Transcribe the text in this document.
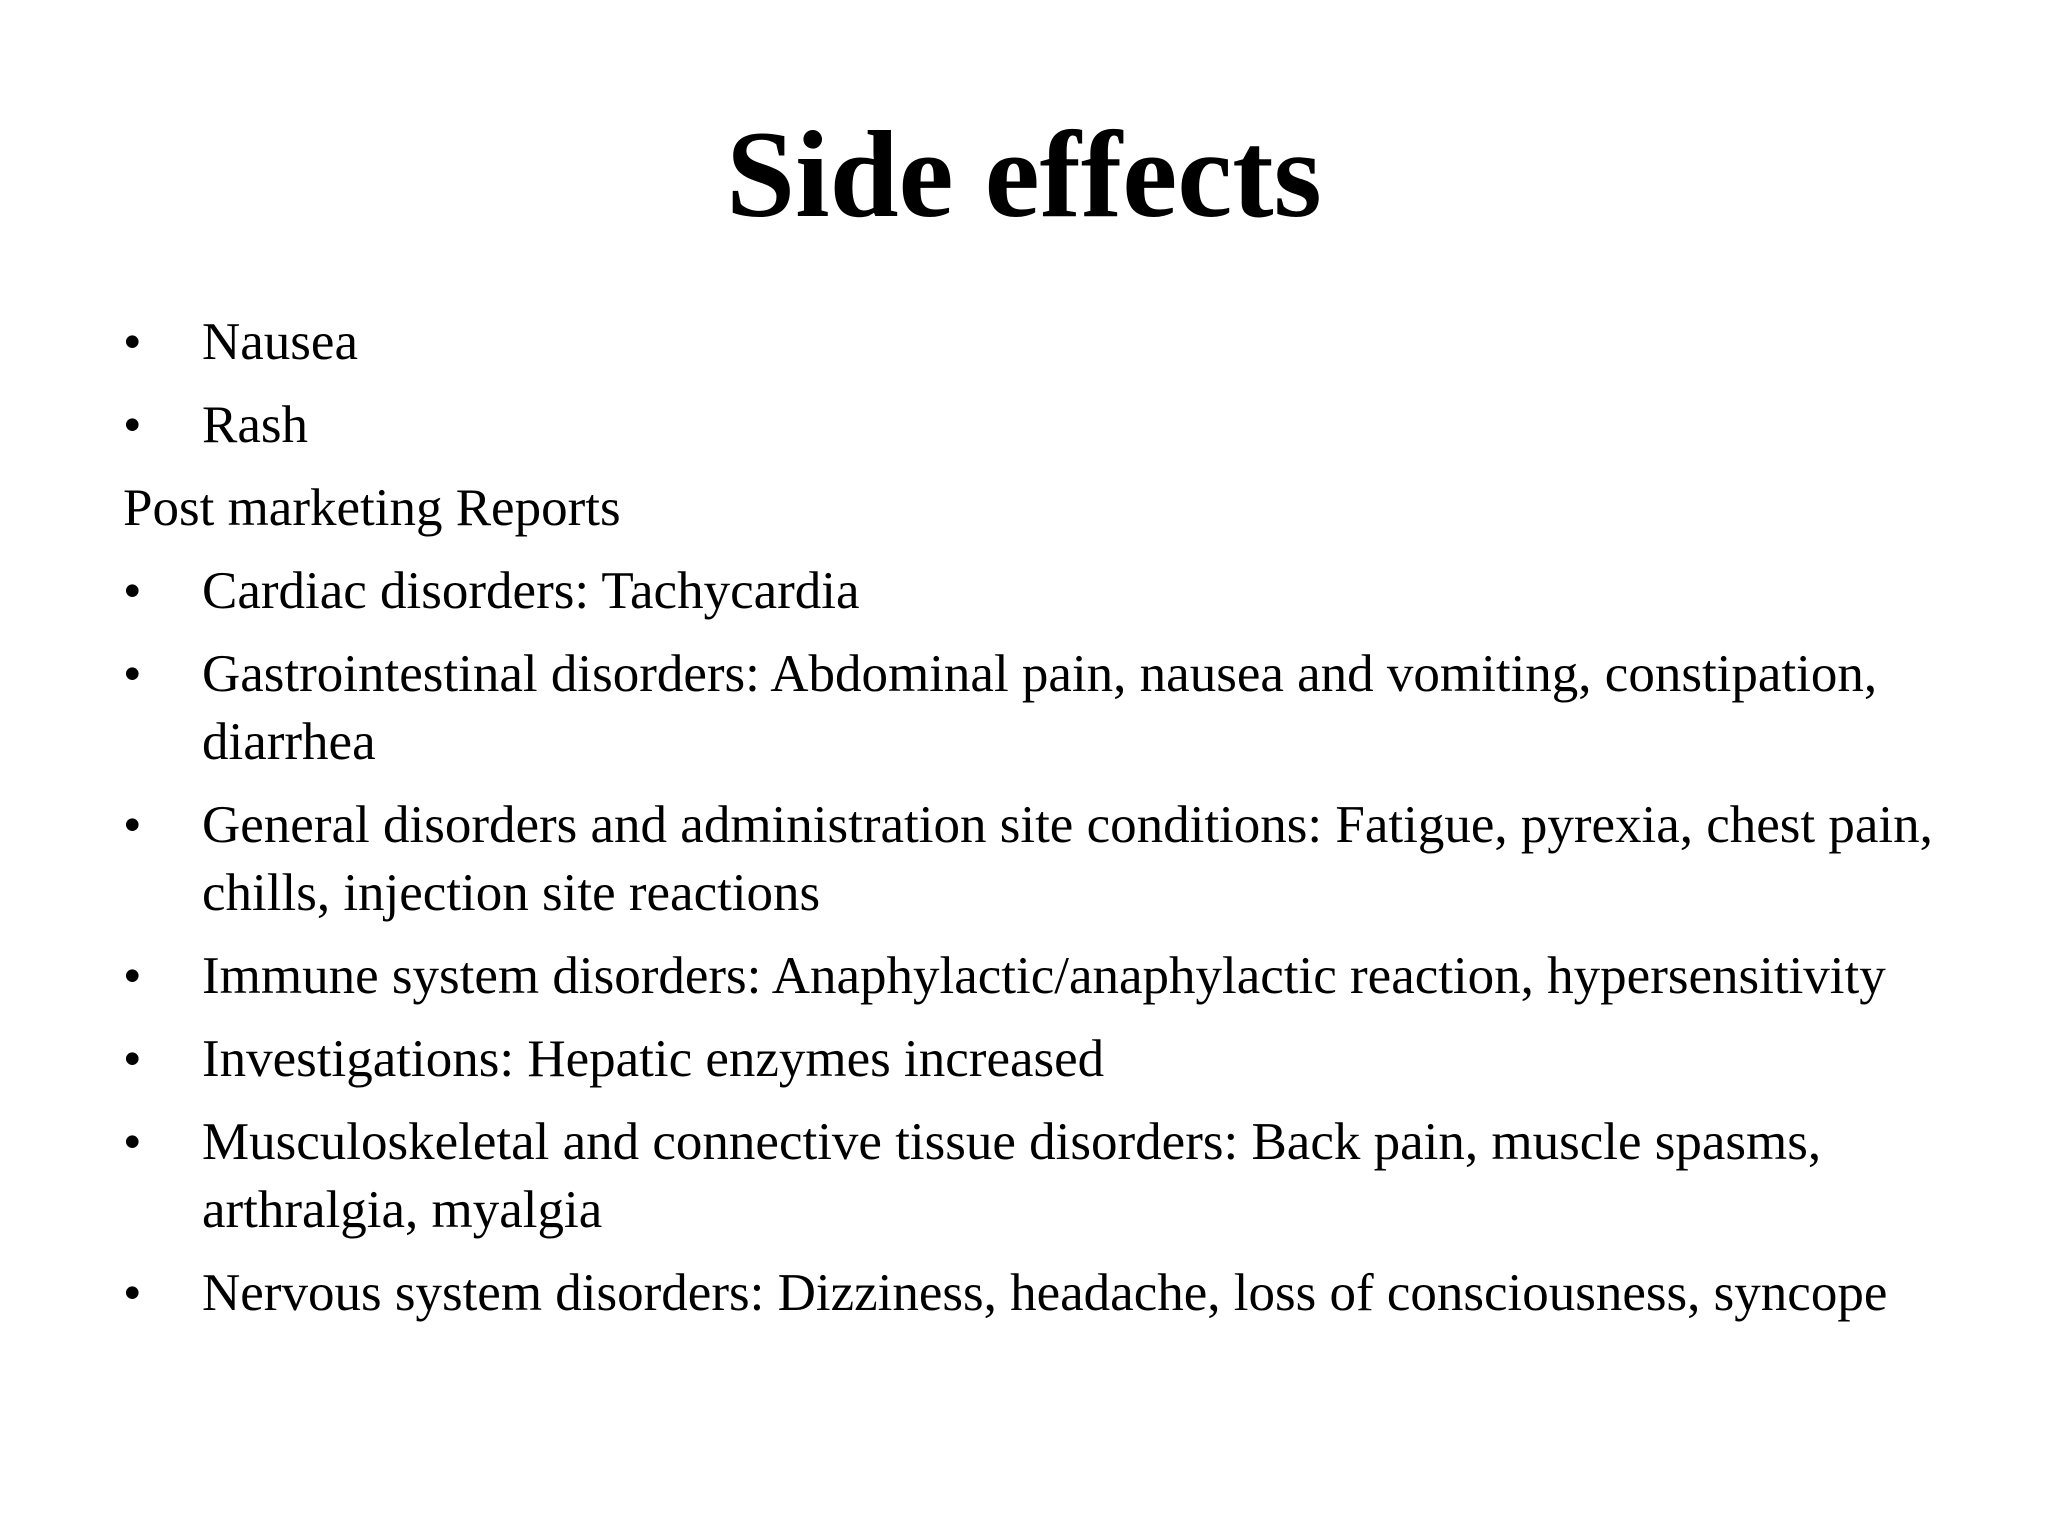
Side effects

•	Nausea

•	Rash

Post marketing Reports

•	Cardiac disorders: Tachycardia

•	Gastrointestinal disorders: Abdominal pain, nausea and vomiting, constipation, diarrhea

•	General disorders and administration site conditions: Fatigue, pyrexia, chest pain, chills, injection site reactions

•	Immune system disorders: Anaphylactic/anaphylactic reaction, hypersensitivity

•	Investigations: Hepatic enzymes increased

•	Musculoskeletal and connective tissue disorders: Back pain, muscle spasms, arthralgia, myalgia

•	Nervous system disorders: Dizziness, headache, loss of consciousness, syncope
